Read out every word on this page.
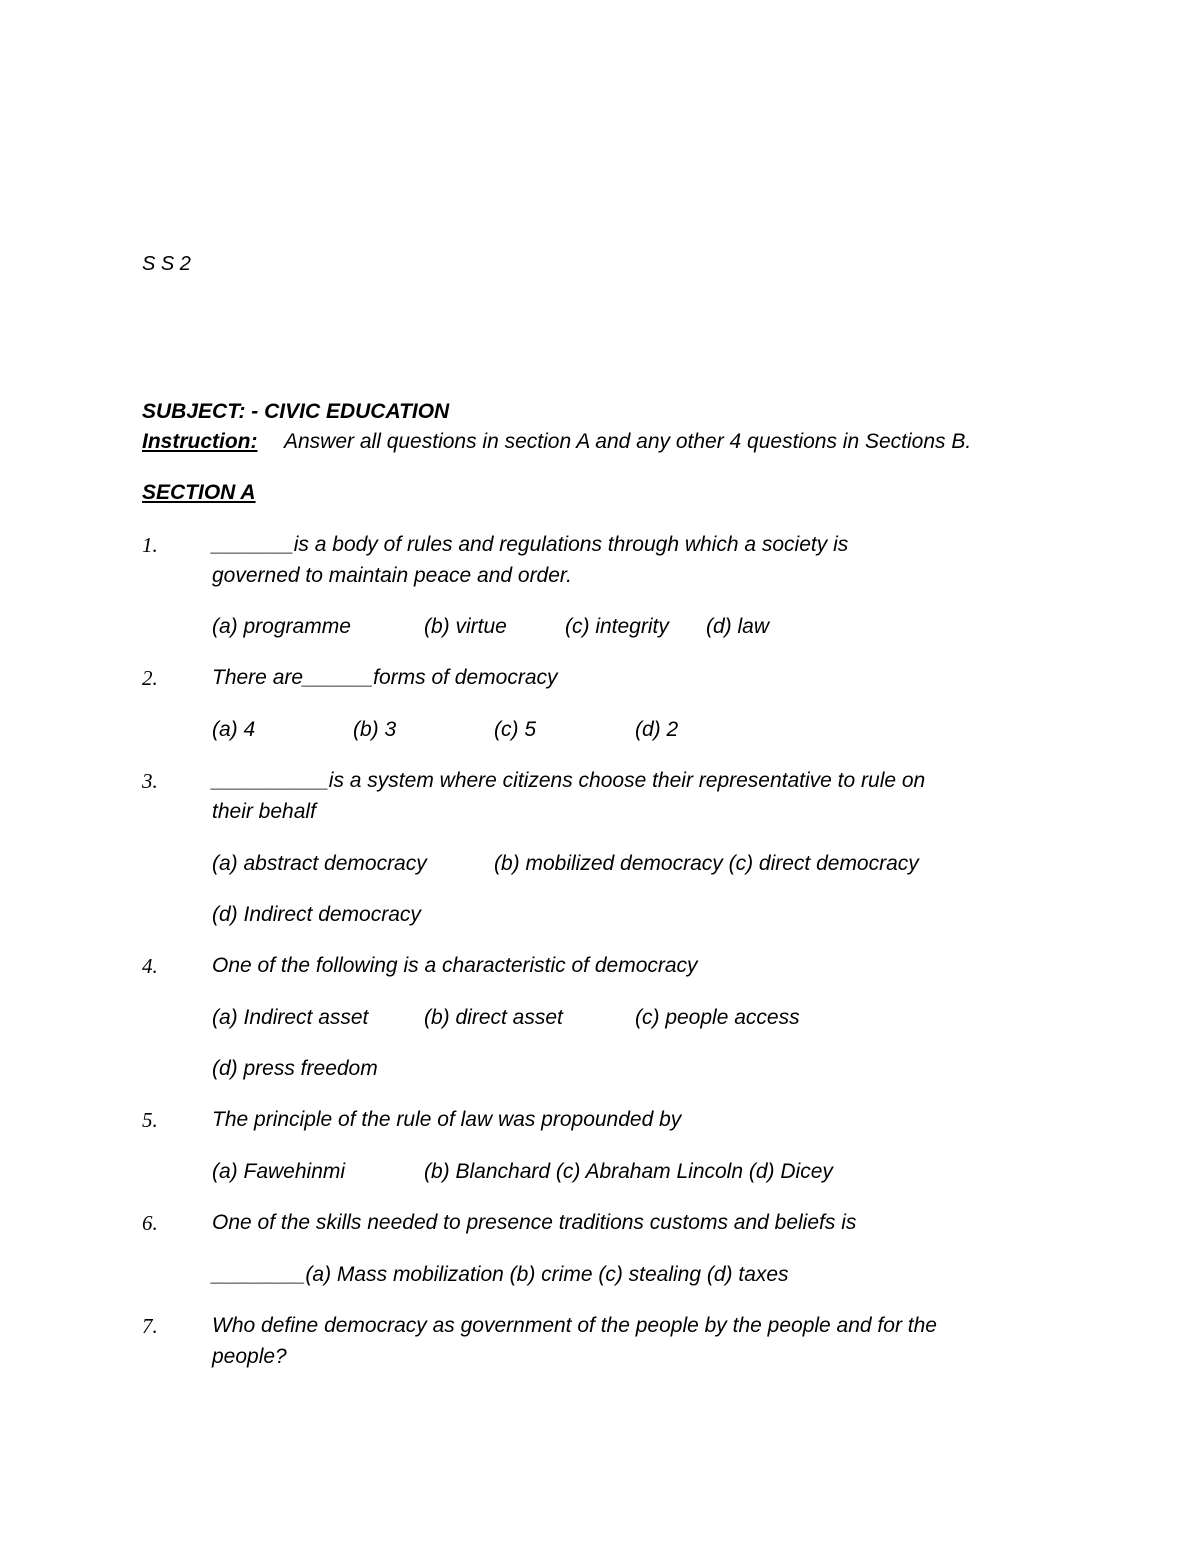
S S 2
SUBJECT: - CIVIC EDUCATION
Instruction: Answer all questions in section A and any other 4 questions in Sections B.
SECTION A
1.	_______is a body of rules and regulations through which a society is
governed to maintain peace and order.
(a) programme	(b) virtue	(c) integrity (d) law
2.	There are______forms of democracy
(a) 4	(b) 3	(c) 5	(d) 2
3.	__________is a system where citizens choose their representative to rule on
their behalf
(a) abstract democracy	(b) mobilized democracy (c) direct democracy
(d) Indirect democracy
4.	One of the following is a characteristic of democracy
(a) Indirect asset	(b) direct asset	(c) people access
(d) press freedom
5.	The principle of the rule of law was propounded by
(a) Fawehinmi	(b) Blanchard (c) Abraham Lincoln (d) Dicey
6.	One of the skills needed to presence traditions customs and beliefs is
________(a) Mass mobilization (b) crime (c) stealing (d) taxes
7.	Who define democracy as government of the people by the people and for the
people?
